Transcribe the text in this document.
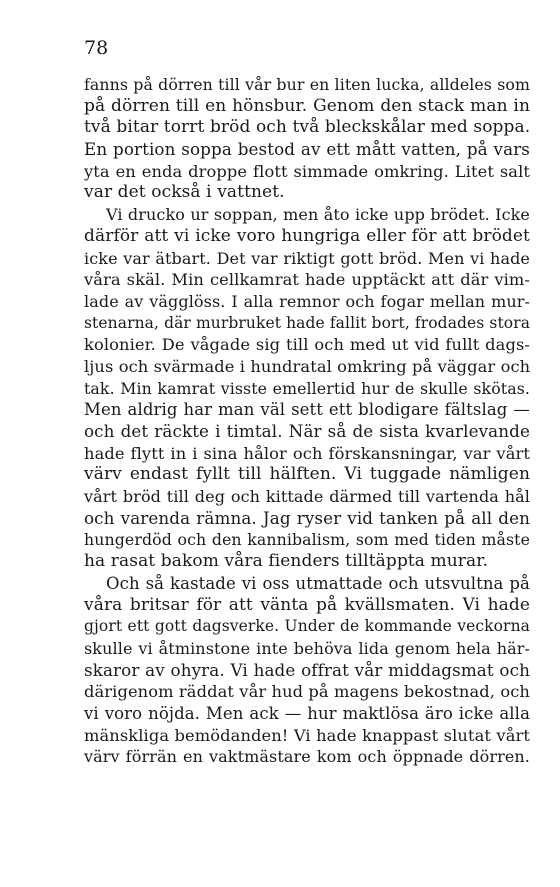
78
fanns på dörren till vår bur en liten lucka, alldeles som
på dörren till en hönsbur. Genom den stack man in
två bitar torrt bröd och två bleckskålar med soppa.
En portion soppa bestod av ett mått vatten, på vars
yta en enda droppe flott simmade omkring. Litet salt
var det också i vattnet.
Vi drucko ur soppan, men åto icke upp brödet. Icke
därför att vi icke voro hungriga eller för att brödet
icke var ätbart. Det var riktigt gott bröd. Men vi hade
våra skäl. Min cellkamrat hade upptäckt att där vim-
lade av vägglöss. I alla remnor och fogar mellan mur-
stenarna, där murbruket hade fallit bort, frodades stora
kolonier. De vågade sig till och med ut vid fullt dags-
ljus och svärmade i hundratal omkring på väggar och
tak. Min kamrat visste emellertid hur de skulle skötas.
Men aldrig har man väl sett ett blodigare fältslag —
och det räckte i timtal. När så de sista kvarlevande
hade flytt in i sina hålor och förskansningar, var vårt
värv endast fyllt till hälften. Vi tuggade nämligen
vårt bröd till deg och kittade därmed till vartenda hål
och varenda rämna. Jag ryser vid tanken på all den
hungerdöd och den kannibalism, som med tiden måste
ha rasat bakom våra fienders tilltäppta murar.
Och så kastade vi oss utmattade och utsvultna på
våra britsar för att vänta på kvällsmaten. Vi hade
gjort ett gott dagsverke. Under de kommande veckorna
skulle vi åtminstone inte behöva lida genom hela här-
skaror av ohyra. Vi hade offrat vår middagsmat och
därigenom räddat vår hud på magens bekostnad, och
vi voro nöjda. Men ack — hur maktlösa äro icke alla
mänskliga bemödanden! Vi hade knappast slutat vårt
värv förrän en vaktmästare kom och öppnade dörren.
